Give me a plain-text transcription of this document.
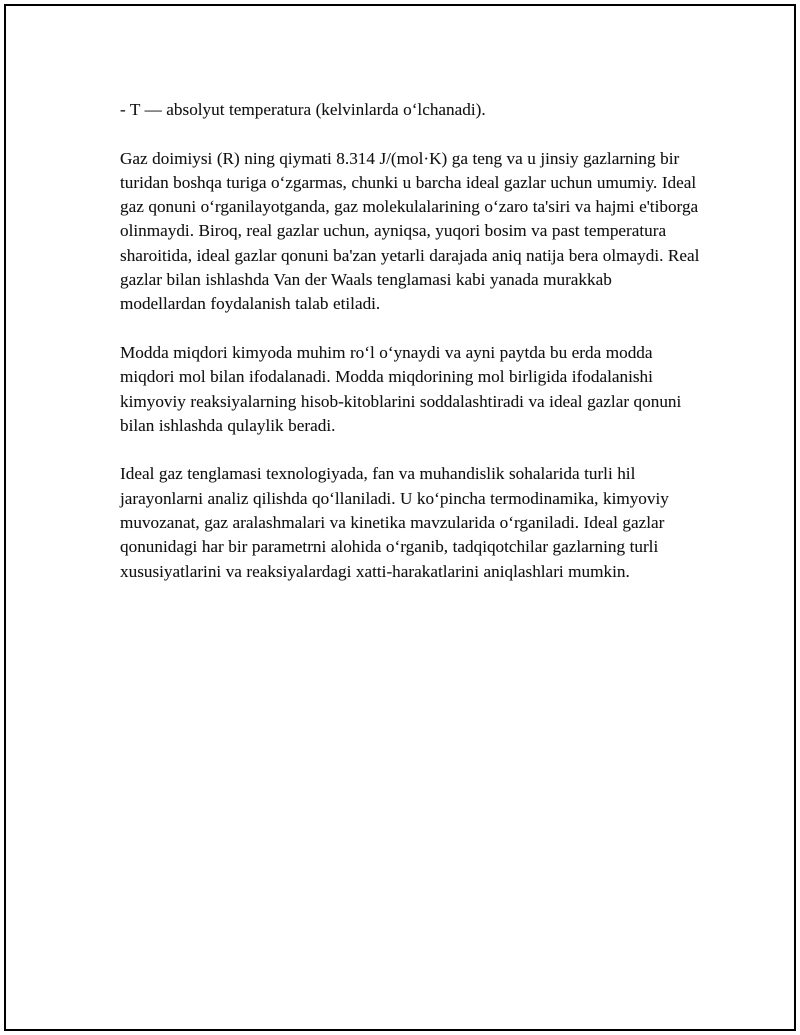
- T — absolyut temperatura (kelvinlarda o‘lchanadi).

Gaz doimiysi (R) ning qiymati 8.314 J/(mol·K) ga teng va u jinsiy gazlarning bir turidan boshqa turiga o‘zgarmas, chunki u barcha ideal gazlar uchun umumiy. Ideal gaz qonuni o‘rganilayotganda, gaz molekulalarining o‘zaro ta'siri va hajmi e'tiborga olinmaydi. Biroq, real gazlar uchun, ayniqsa, yuqori bosim va past temperatura sharoitida, ideal gazlar qonuni ba'zan yetarli darajada aniq natija bera olmaydi. Real gazlar bilan ishlashda Van der Waals tenglamasi kabi yanada murakkab modellardan foydalanish talab etiladi.

Modda miqdori kimyoda muhim ro‘l o‘ynaydi va ayni paytda bu erda modda miqdori mol bilan ifodalanadi. Modda miqdorining mol birligida ifodalanishi kimyoviy reaksiyalarning hisob-kitoblarini soddalashtiradi va ideal gazlar qonuni bilan ishlashda qulaylik beradi.

Ideal gaz tenglamasi texnologiyada, fan va muhandislik sohalarida turli hil jarayonlarni analiz qilishda qo‘llaniladi. U ko‘pincha termodinamika, kimyoviy muvozanat, gaz aralashmalari va kinetika mavzularida o‘rganiladi. Ideal gazlar qonunidagi har bir parametrni alohida o‘rganib, tadqiqotchilar gazlarning turli xususiyatlarini va reaksiyalardagi xatti-harakatlarini aniqlashlari mumkin.
